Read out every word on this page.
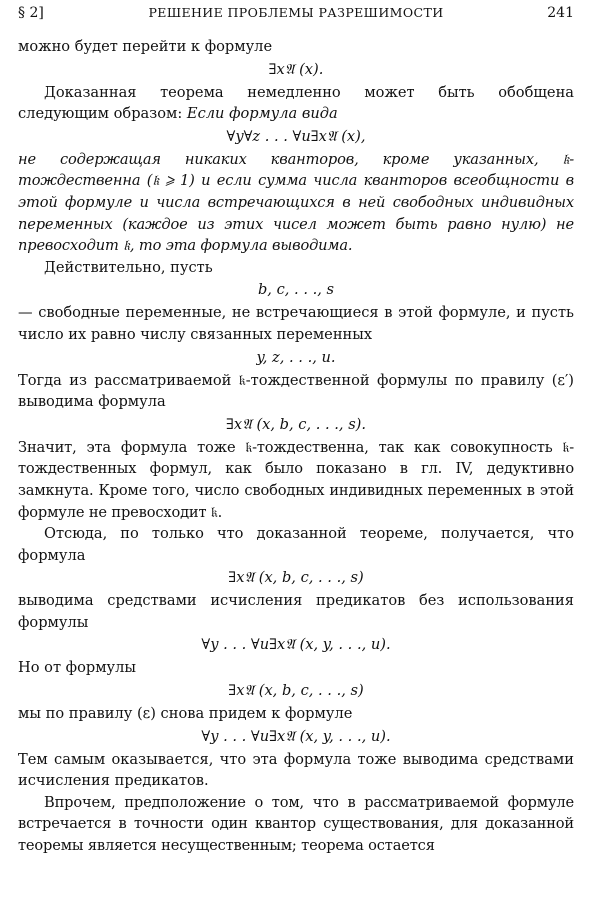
§ 2]	РЕШЕНИЕ ПРОБЛЕМЫ РАЗРЕШИМОСТИ	241

можно будет перейти к формуле

∃x𝔄 (x).

Доказанная теорема немедленно может быть обобщена следующим образом: Если формула вида

∀y∀z . . . ∀u∃x𝔄 (x),

не содержащая никаких кванторов, кроме указанных, 𝔨-тождественна (𝔨 ⩾ 1) и если сумма числа кванторов всеобщности в этой формуле и числа встречающихся в ней свободных индивидных переменных (каждое из этих чисел может быть равно нулю) не превосходит 𝔨, то эта формула выводима.

Действительно, пусть

b, c, . . ., s

— свободные переменные, не встречающиеся в этой формуле, и пусть число их равно числу связанных переменных

y, z, . . ., u.

Тогда из рассматриваемой 𝔨-тождественной формулы по правилу (ε′) выводима формула

∃x𝔄 (x, b, c, . . ., s).

Значит, эта формула тоже 𝔨-тождественна, так как совокупность 𝔨-тождественных формул, как было показано в гл. IV, дедуктивно замкнута. Кроме того, число свободных индивидных переменных в этой формуле не превосходит 𝔨.

Отсюда, по только что доказанной теореме, получается, что формула

∃x𝔄 (x, b, c, . . ., s)

выводима средствами исчисления предикатов без использования формулы

∀y . . . ∀u∃x𝔄 (x, y, . . ., u).

Но от формулы

∃x𝔄 (x, b, c, . . ., s)

мы по правилу (ε) снова придем к формуле

∀y . . . ∀u∃x𝔄 (x, y, . . ., u).

Тем самым оказывается, что эта формула тоже выводима средствами исчисления предикатов.

Впрочем, предположение о том, что в рассматриваемой формуле встречается в точности один квантор существования, для доказанной теоремы является несущественным; теорема остается
